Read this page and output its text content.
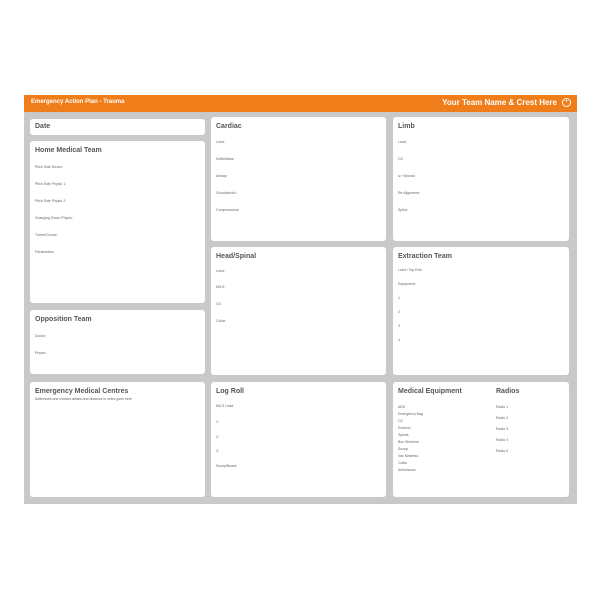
Emergency Action Plan - Trauma	Your Team Name & Crest Here	+
Date
Home Medical Team
Pitch Side Doctor:
Pitch Side Physio 1:
Pitch Side Physio 2:
Changing Room Physio:
Tunnel Doctor:
Paramedics:
Opposition Team
Doctor:
Physio:
Emergency Medical Centres
Addresses and contact details and distance in miles goes here
Cardiac
Lead:
Defibrillator:
Airway:
Circulation/iv:
Compressions:
Head/Spinal
Lead:
MILS:
O2:
Collar:
Log Roll
MILS Lead:
1:
2:
3:
Scoop/Board:
Limb
Lead:
O2:
iv / Wound:
Re Alignment:
Splint:
Extraction Team
Lead / Top End:
Equipment:
1.
2.
3.
4.
Medical Equipment
AED
Emergency Bag
O2
Entonox
Splints
Box Stretcher
Scoop
Vac Mattress
Collar
Ambulance
Radios
Radio 1
Radio 2
Radio 3
Radio 4
Radio 5
